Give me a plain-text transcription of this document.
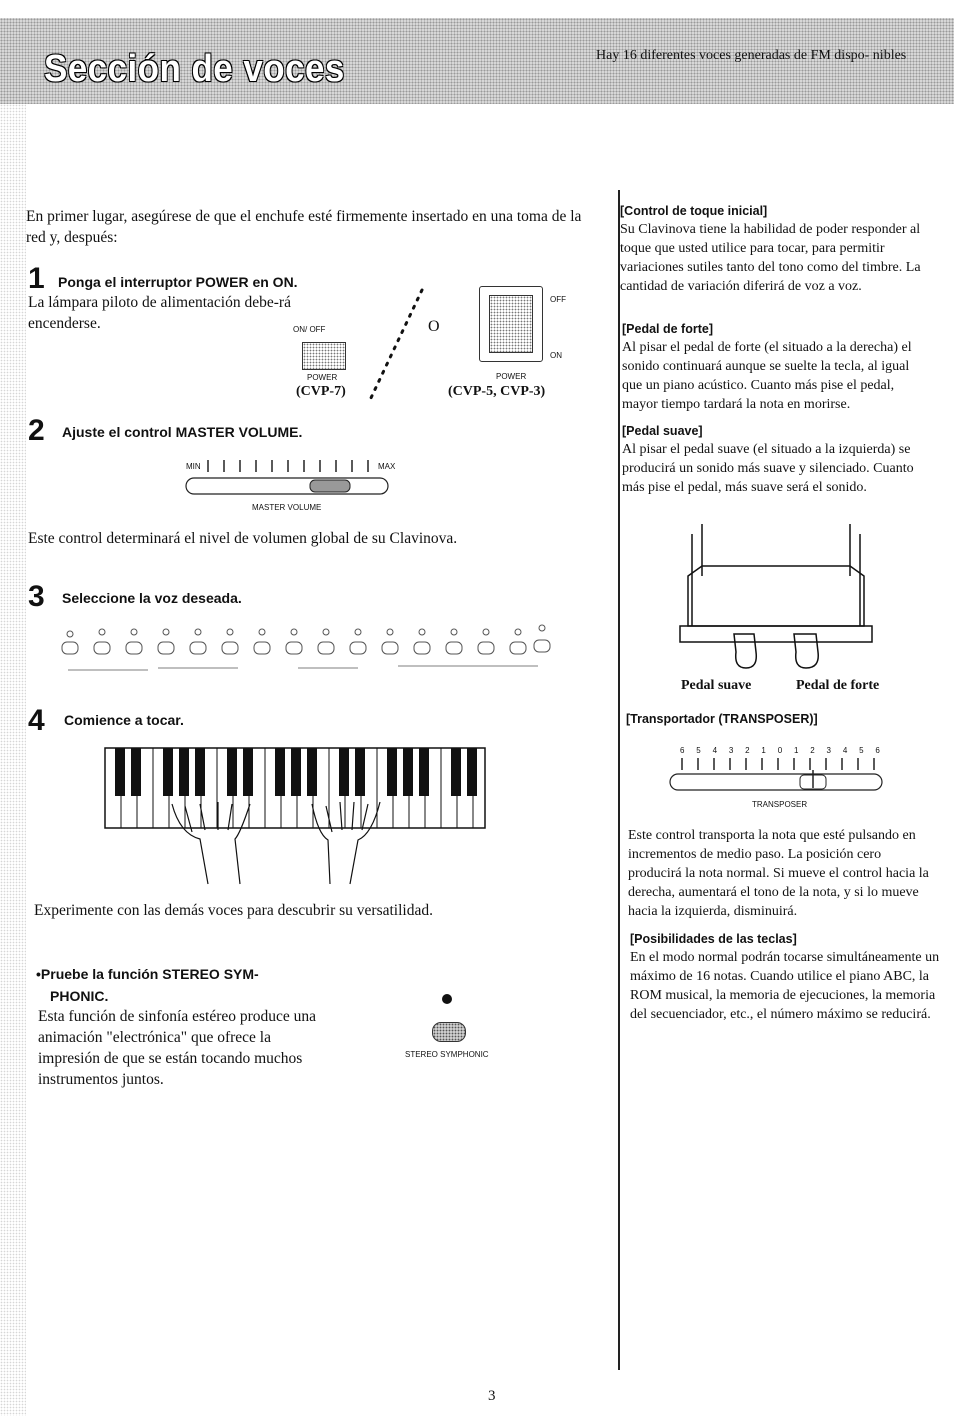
Sección de voces	Hay 16 diferentes voces generadas de FM dispo- nibles
En primer lugar, asegúrese de que el enchufe esté firmemente insertado en una toma de la red y, después:
1 Ponga el interruptor POWER en ON.
La lámpara piloto de alimentación debe-rá encenderse.	ON/ OFF
POWER
(CVP-7)
O
OFF
ON
POWER
(CVP-5, CVP-3)
2 Ajuste el control MASTER VOLUME.
MIN	MAX
MASTER VOLUME
Este control determinará el nivel de volumen global de su Clavinova.
3 Seleccione la voz deseada.
4 Comience a tocar.
Experimente con las demás voces para descubrir su versatilidad.
•Pruebe la función STEREO SYM-
PHONIC.
Esta función de sinfonía estéreo produce una animación "electrónica" que ofrece la impresión de que se están tocando muchos instrumentos juntos.
STEREO SYMPHONIC
[Control de toque inicial]
Su Clavinova tiene la habilidad de poder responder al toque que usted utilice para tocar, para permitir variaciones sutiles tanto del tono como del timbre. La cantidad de variación diferirá de voz a voz.
[Pedal de forte]
Al pisar el pedal de forte (el situado a la derecha) el sonido continuará aunque se suelte la tecla, al igual que un piano acústico. Cuanto más pise el pedal, mayor tiempo tardará la nota en morirse.
[Pedal suave]
Al pisar el pedal suave (el situado a la izquierda) se producirá un sonido más suave y silenciado. Cuanto más pise el pedal, más suave será el sonido.
Pedal suave	Pedal de forte
[Transportador (TRANSPOSER)]
6 5 4 3 2 1 0 1 2 3 4 5 6
TRANSPOSER
Este control transporta la nota que esté pulsando en incrementos de medio paso. La posición cero producirá la nota normal. Si mueve el control hacia la derecha, aumentará el tono de la nota, y si lo mueve hacia la izquierda, disminuirá.
[Posibilidades de las teclas]
En el modo normal podrán tocarse simultáneamente un máximo de 16 notas. Cuando utilice el piano ABC, la ROM musical, la memoria de ejecuciones, la memoria del secuenciador, etc., el número máximo se reducirá.
3
